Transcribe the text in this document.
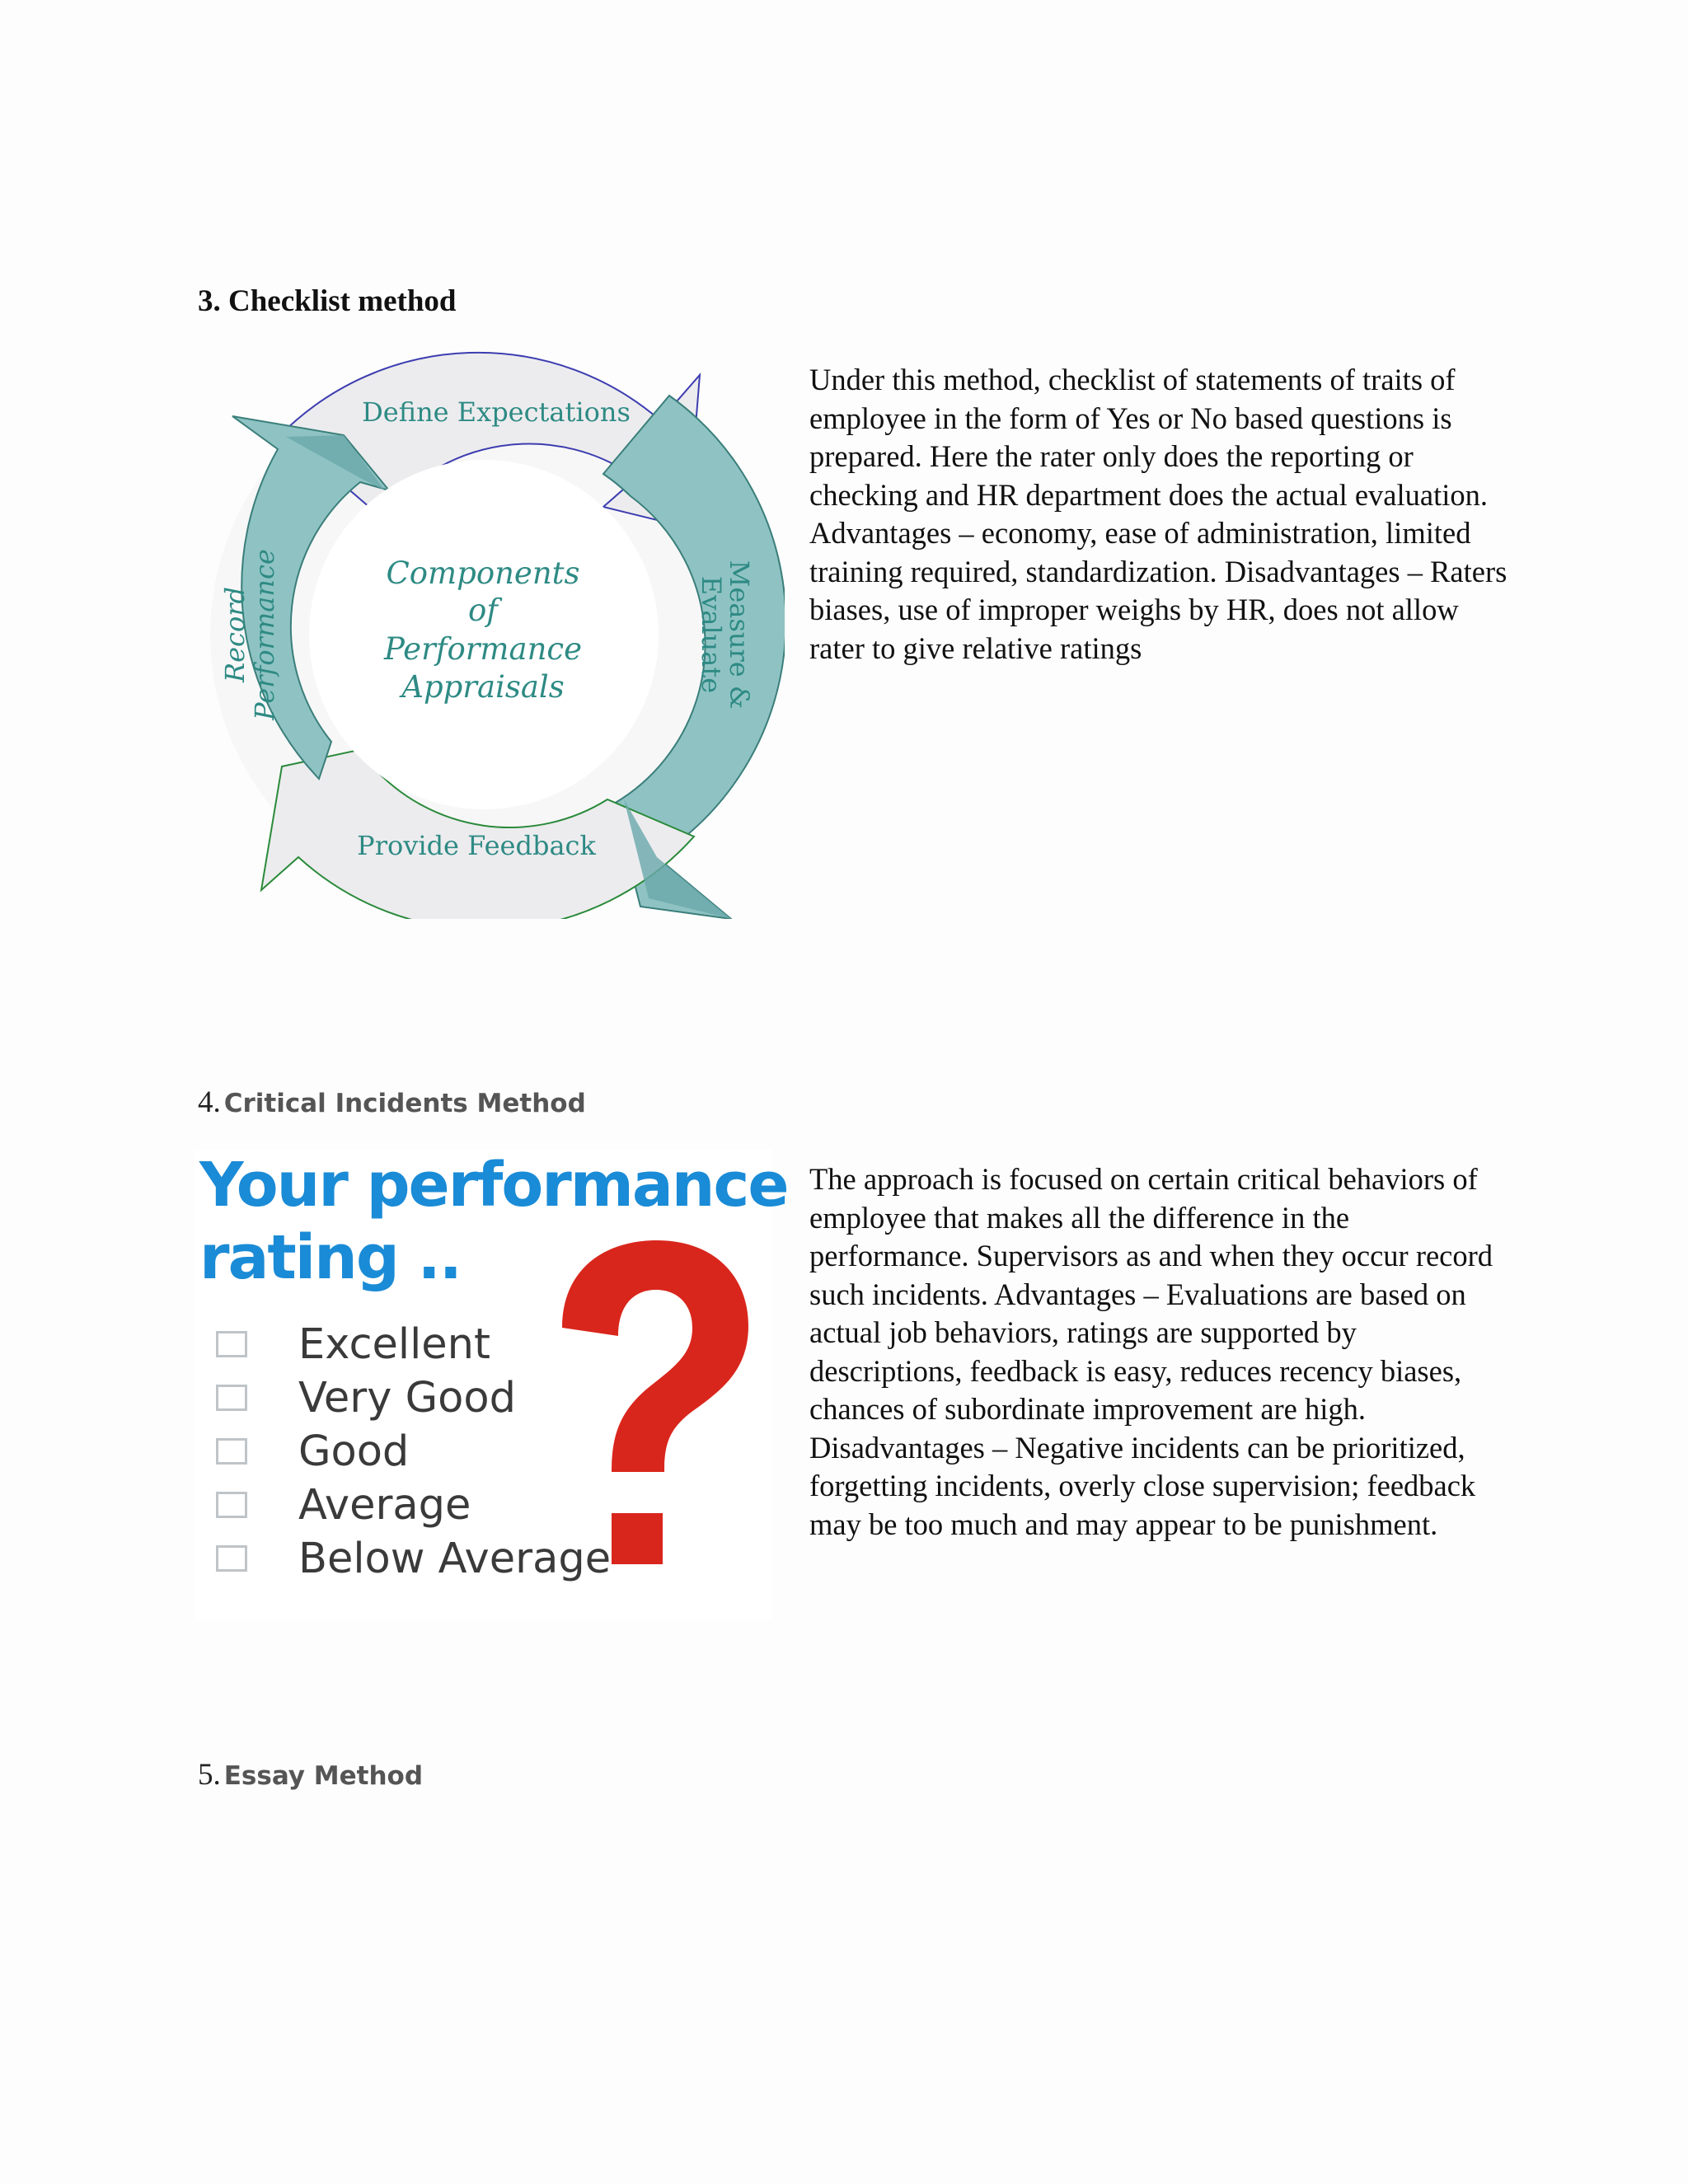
3. Checklist method
Define Expectations
Provide Feedback
Record
Performance	Measure &
Evaluate
Components
of
Performance
Appraisals
Under this method, checklist of statements of traits of
employee in the form of Yes or No based questions is
prepared. Here the rater only does the reporting or
checking and HR department does the actual evaluation.
Advantages – economy, ease of administration, limited
training required, standardization. Disadvantages – Raters
biases, use of improper weighs by HR, does not allow
rater to give relative ratings
4. Critical Incidents Method
Your performance
rating ..
Excellent
Very Good
Good
Average
Below Average
The approach is focused on certain critical behaviors of
employee that makes all the difference in the
performance. Supervisors as and when they occur record
such incidents. Advantages – Evaluations are based on
actual job behaviors, ratings are supported by
descriptions, feedback is easy, reduces recency biases,
chances of subordinate improvement are high.
Disadvantages – Negative incidents can be prioritized,
forgetting incidents, overly close supervision; feedback
may be too much and may appear to be punishment.
5. Essay Method
